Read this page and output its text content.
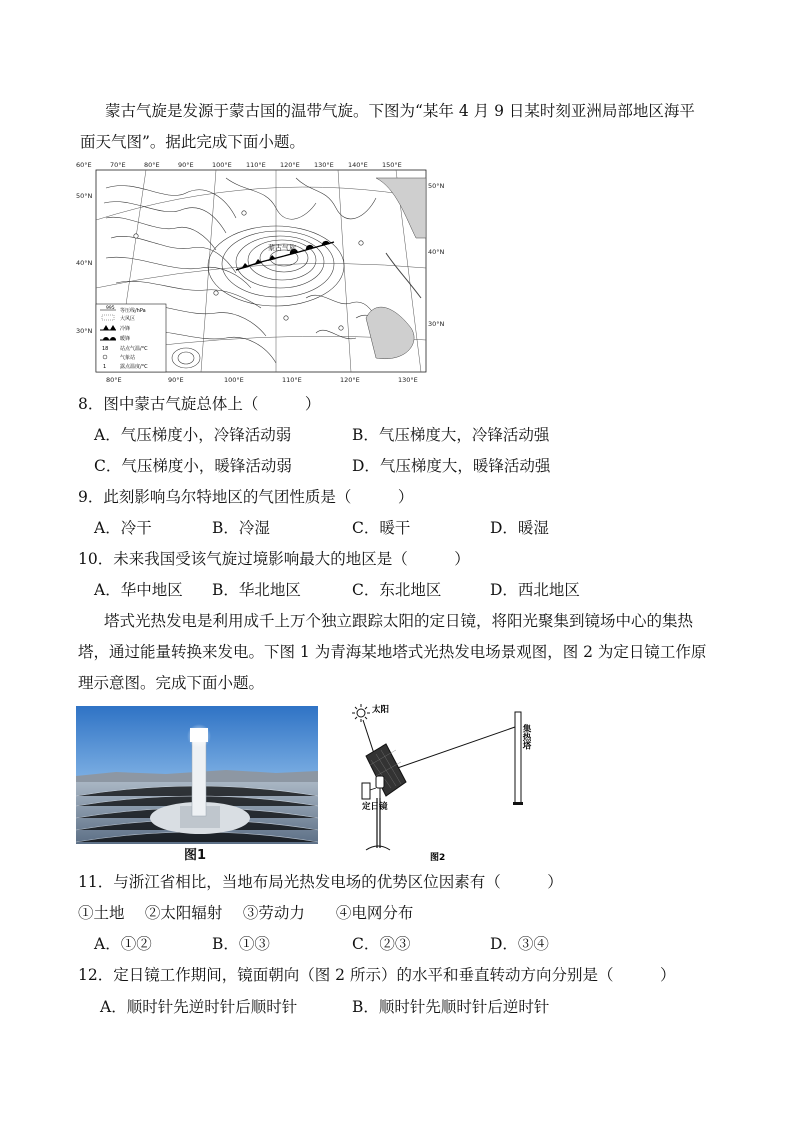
蒙古气旋是发源于蒙古国的温带气旋。下图为“某年 4 月 9 日某时刻亚洲局部地区海平
面天气图”。据此完成下面小题。
60°E	70°E	80°E	90°E	100°E 110°E 120°E 130°E 140°E 150°E
50°N
40°N
30°N
50°N
40°N
30°N
80°E	90°E	100°E	110°E	120°E	130°E
蒙古气旋
995 等压线/hPa
大风区
冷锋
暖锋
18 站点气温/°C
气象站
1	露点温度/°C
8．图中蒙古气旋总体上（　　　）
A．气压梯度小，冷锋活动弱	B．气压梯度大，冷锋活动强
C．气压梯度小，暖锋活动弱	D．气压梯度大，暖锋活动强
9．此刻影响乌尔特地区的气团性质是（　　　）
A．冷干	B．冷湿	C．暖干	D．暖湿
10．未来我国受该气旋过境影响最大的地区是（　　　）
A．华中地区 B．华北地区	C．东北地区	D．西北地区
塔式光热发电是利用成千上万个独立跟踪太阳的定日镜，将阳光聚集到镜场中心的集热
塔，通过能量转换来发电。下图 1 为青海某地塔式光热发电场景观图，图 2 为定日镜工作原
理示意图。完成下面小题。
图1
太阳
集热塔
定日镜
图2
11．与浙江省相比，当地布局光热发电场的优势区位因素有（　　　）
①土地　 ②太阳辐射　 ③劳动力　　④电网分布
A．①②	B．①③	C．②③	D．③④
12．定日镜工作期间，镜面朝向（图 2 所示）的水平和垂直转动方向分别是（　　　）
A．顺时针先逆时针后顺时针	B．顺时针先顺时针后逆时针
